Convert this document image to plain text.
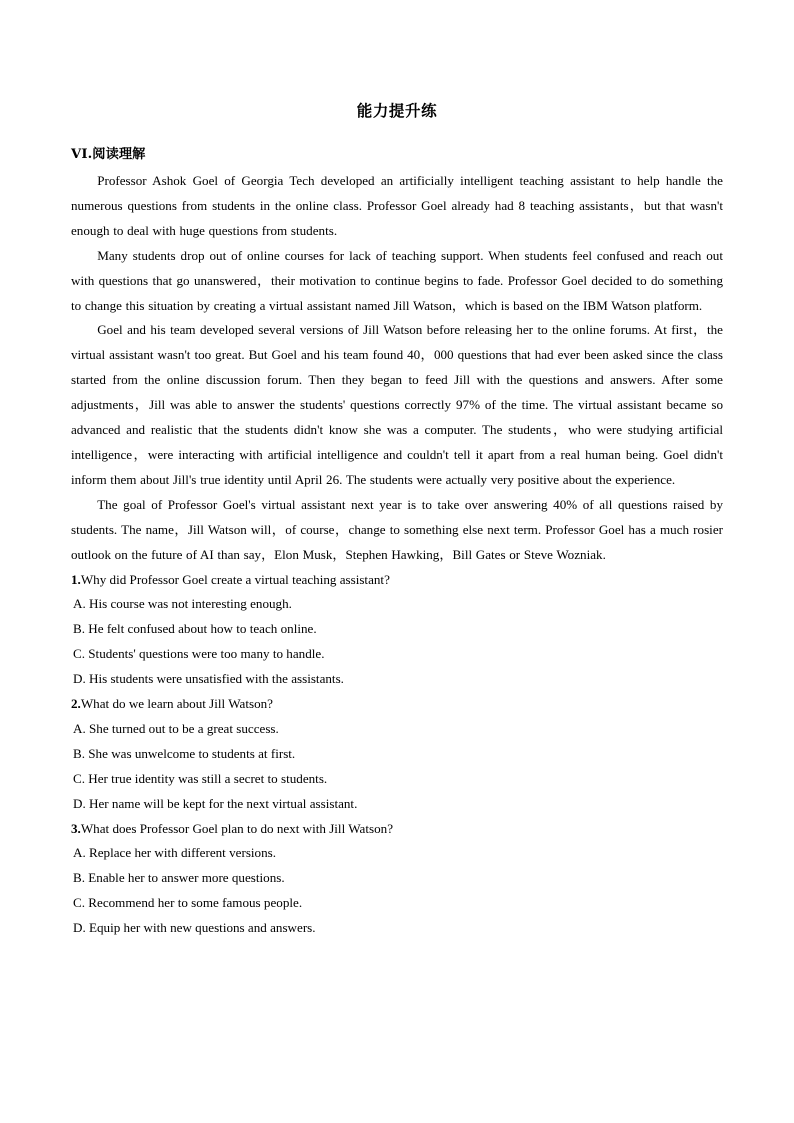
能力提升练
VI.阅读理解

Professor Ashok Goel of Georgia Tech developed an artificially intelligent teaching assistant to help handle the numerous questions from students in the online class. Professor Goel already had 8 teaching assistants，but that wasn't enough to deal with huge questions from students.

Many students drop out of online courses for lack of teaching support. When students feel confused and reach out with questions that go unanswered，their motivation to continue begins to fade. Professor Goel decided to do something to change this situation by creating a virtual assistant named Jill Watson，which is based on the IBM Watson platform.

Goel and his team developed several versions of Jill Watson before releasing her to the online forums. At first，the virtual assistant wasn't too great. But Goel and his team found 40，000 questions that had ever been asked since the class started from the online discussion forum. Then they began to feed Jill with the questions and answers. After some adjustments，Jill was able to answer the students' questions correctly 97% of the time. The virtual assistant became so advanced and realistic that the students didn't know she was a computer. The students，who were studying artificial intelligence，were interacting with artificial intelligence and couldn't tell it apart from a real human being. Goel didn't inform them about Jill's true identity until April 26. The students were actually very positive about the experience.

The goal of Professor Goel's virtual assistant next year is to take over answering 40% of all questions raised by students. The name，Jill Watson will，of course，change to something else next term. Professor Goel has a much rosier outlook on the future of AI than say，Elon Musk，Stephen Hawking，Bill Gates or Steve Wozniak.

1.Why did Professor Goel create a virtual teaching assistant?

A. His course was not interesting enough.

B. He felt confused about how to teach online.

C. Students' questions were too many to handle.

D. His students were unsatisfied with the assistants.

2.What do we learn about Jill Watson?

A. She turned out to be a great success.

B. She was unwelcome to students at first.

C. Her true identity was still a secret to students.

D. Her name will be kept for the next virtual assistant.

3.What does Professor Goel plan to do next with Jill Watson?

A. Replace her with different versions.

B. Enable her to answer more questions.

C. Recommend her to some famous people.

D. Equip her with new questions and answers.
